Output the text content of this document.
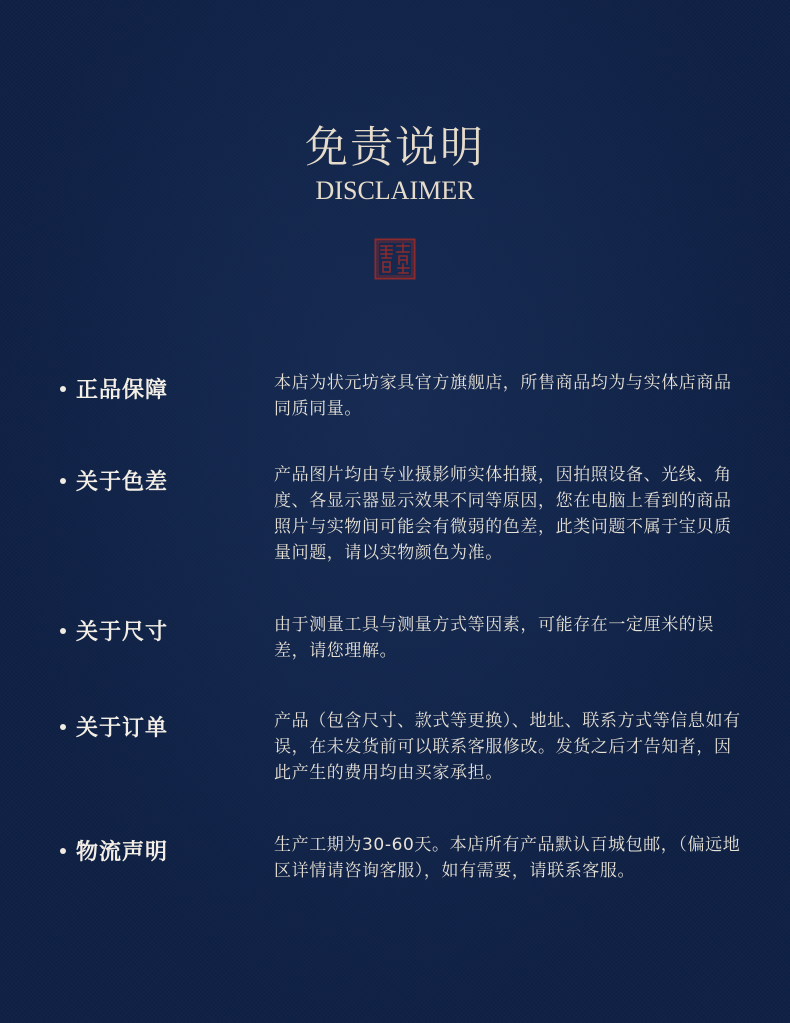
免责说明
DISCLAIMER
正品保障	本店为状元坊家具官方旗舰店，所售商品均为与实体店商品同质同量。

关于色差	产品图片均由专业摄影师实体拍摄，因拍照设备、光线、角度、各显示器显示效果不同等原因，您在电脑上看到的商品照片与实物间可能会有微弱的色差，此类问题不属于宝贝质量问题，请以实物颜色为准。

关于尺寸	由于测量工具与测量方式等因素，可能存在一定厘米的误差，请您理解。

关于订单	产品（包含尺寸、款式等更换）、地址、联系方式等信息如有误，在未发货前可以联系客服修改。发货之后才告知者，因此产生的费用均由买家承担。

物流声明	生产工期为30-60天。本店所有产品默认百城包邮，（偏远地区详情请咨询客服），如有需要，请联系客服。
